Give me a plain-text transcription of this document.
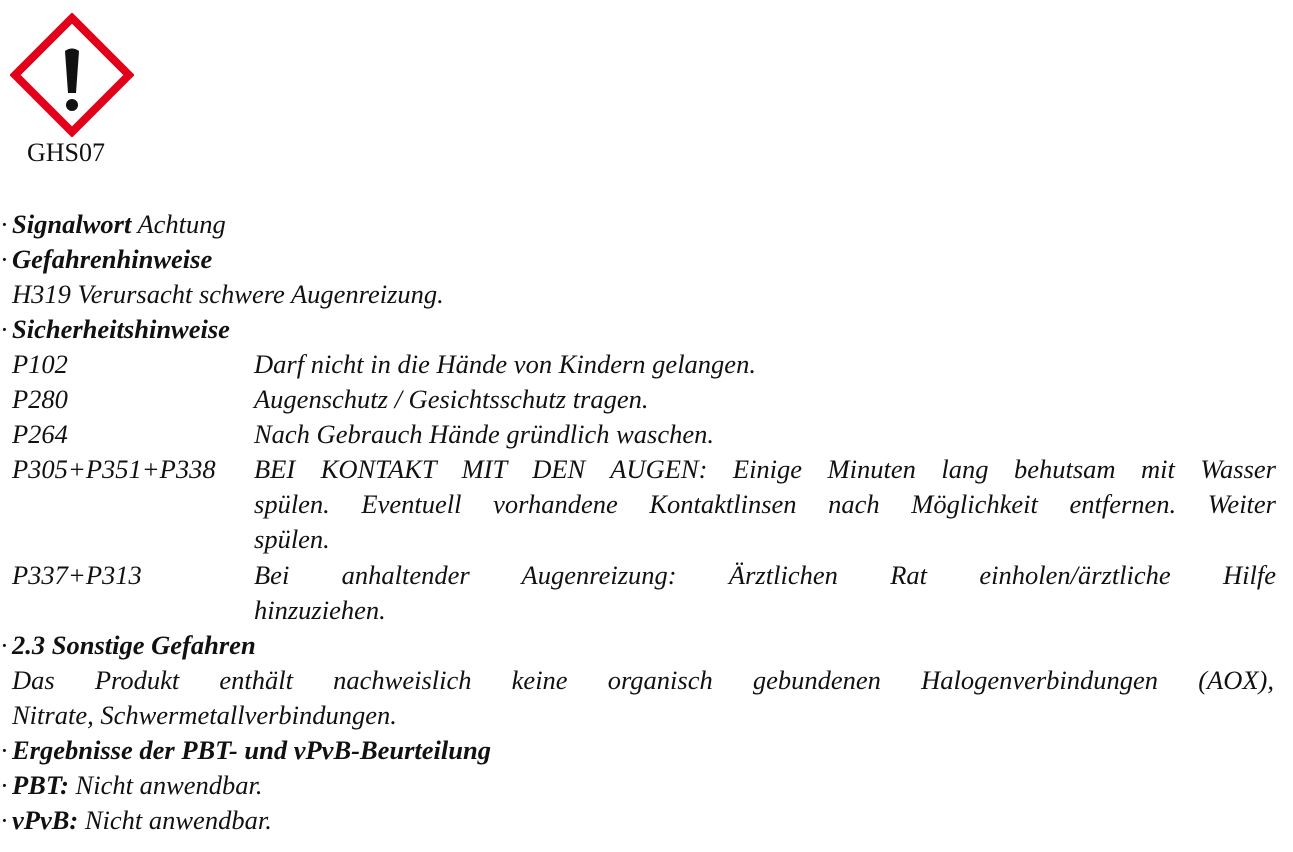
GHS07
· Signalwort Achtung
· Gefahrenhinweise
H319 Verursacht schwere Augenreizung.
· Sicherheitshinweise
P102	Darf nicht in die Hände von Kindern gelangen.
P280	Augenschutz / Gesichtsschutz tragen.
P264	Nach Gebrauch Hände gründlich waschen.
P305+P351+P338 BEI KONTAKT MIT DEN AUGEN: Einige Minuten lang behutsam mit Wasser
spülen. Eventuell vorhandene Kontaktlinsen nach Möglichkeit entfernen. Weiter
spülen.
P337+P313	Bei anhaltender Augenreizung: Ärztlichen Rat einholen/ärztliche Hilfe
hinzuziehen.
· 2.3 Sonstige Gefahren
Das Produkt enthält nachweislich keine organisch gebundenen Halogenverbindungen (AOX),
Nitrate, Schwermetallverbindungen.
· Ergebnisse der PBT- und vPvB-Beurteilung
· PBT: Nicht anwendbar.
· vPvB: Nicht anwendbar.
